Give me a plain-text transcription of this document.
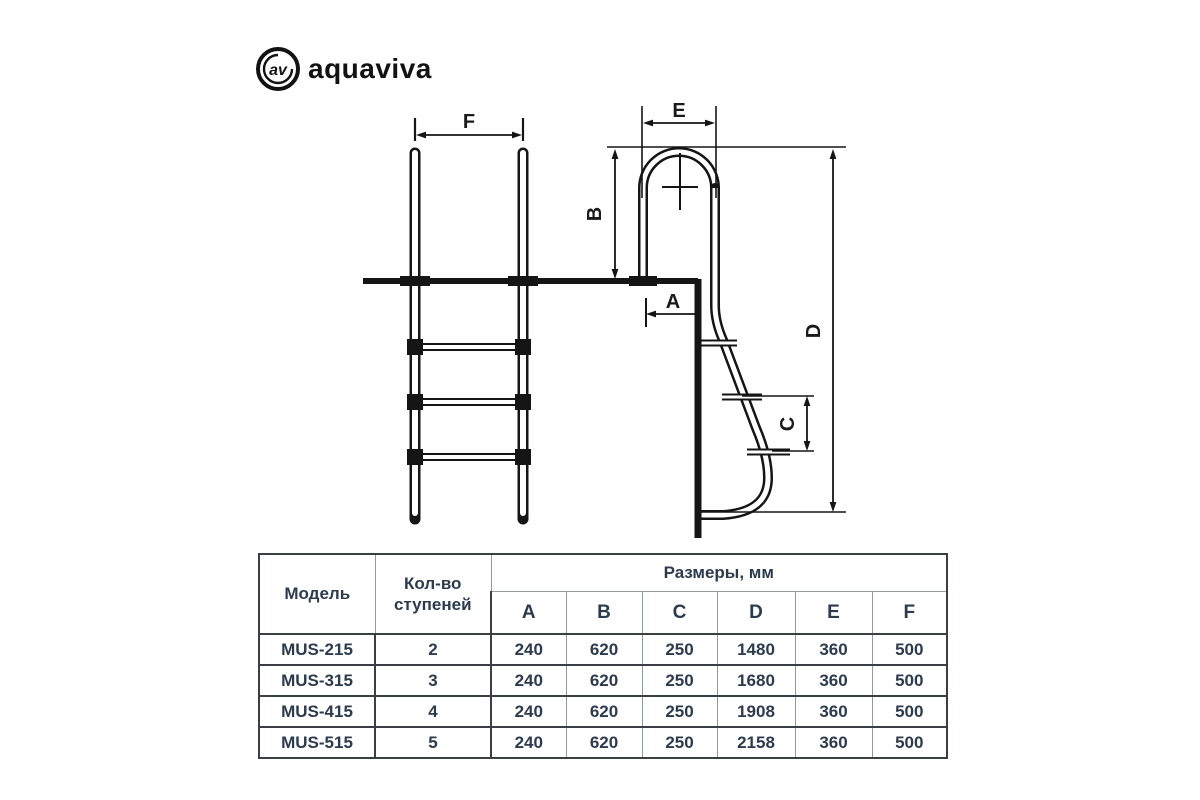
av aquaviva
F	E
B
A
D
C
Модель	Кол-во ступеней	Размеры, мм					
		A	B	C	D	E	F
MUS-215	2	240	620	250	1480	360	500
MUS-315	3	240	620	250	1680	360	500
MUS-415	4	240	620	250	1908	360	500
MUS-515	5	240	620	250	2158	360	500
